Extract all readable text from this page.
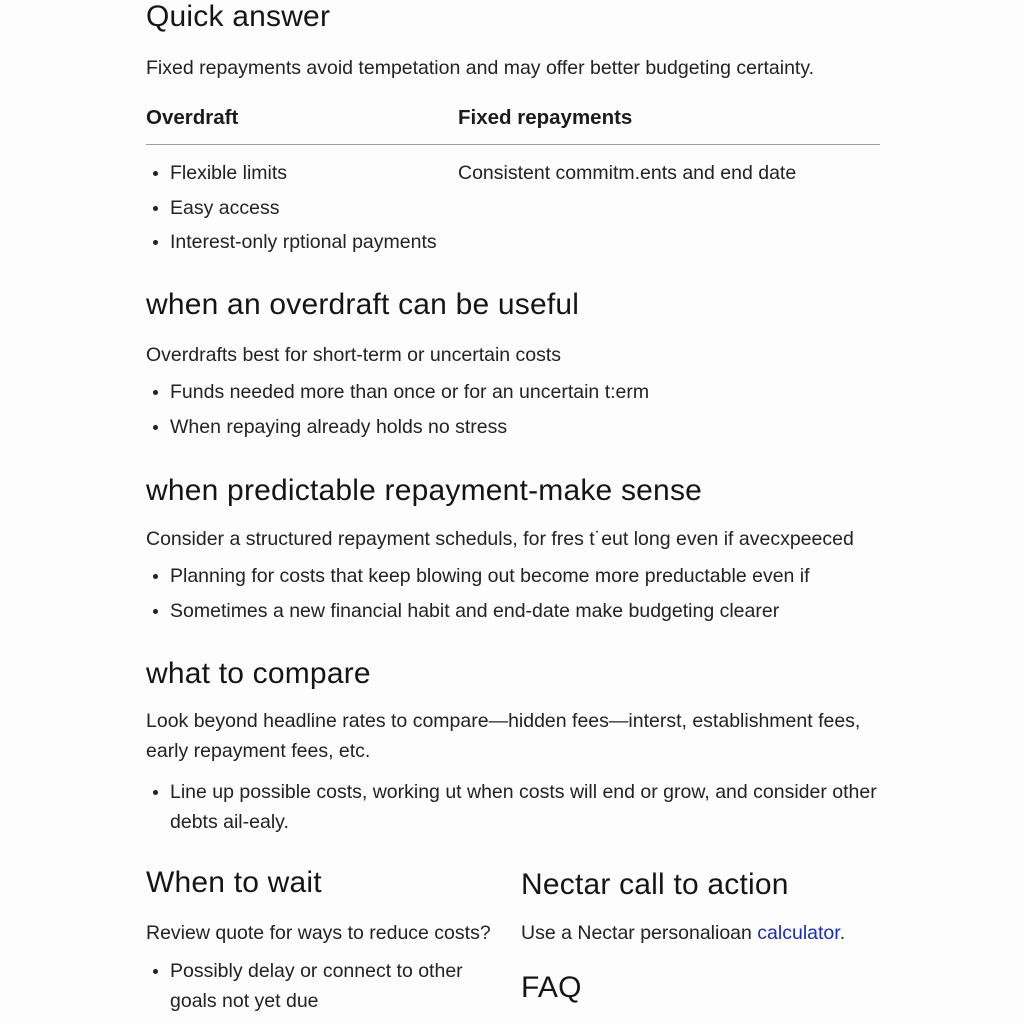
Quick answer

Fixed repayments avoid tempetation and may offer better budgeting certainty.

Overdraft	Fixed repayments
Flexible limits
Easy access
Interest-only rptional payments

Consistent commitm.ents and end date

when an overdraft can be useful

Overdrafts best for short-term or uncertain costs

Funds needed more than once or for an uncertain t:erm
When repaying already holds no stress
when predictable repayment-make sense

Consider a structured repayment scheduls, for fres t˙eut long even if avecxpeeced

Planning for costs that keep blowing out become more preductable even if
Sometimes a new financial habit and end-date make budgeting clearer
what to compare

Look beyond headline rates to compare—hidden fees—interst, establishment fees, early repayment fees, etc.

Line up possible costs, working ut when costs will end or grow, and consider other debts ail-ealy.
When to wait

Review quote for ways to reduce costs?

Possibly delay or connect to other goals not yet due
Nectar call to action

Use a Nectar personalioan calculator.

FAQ
